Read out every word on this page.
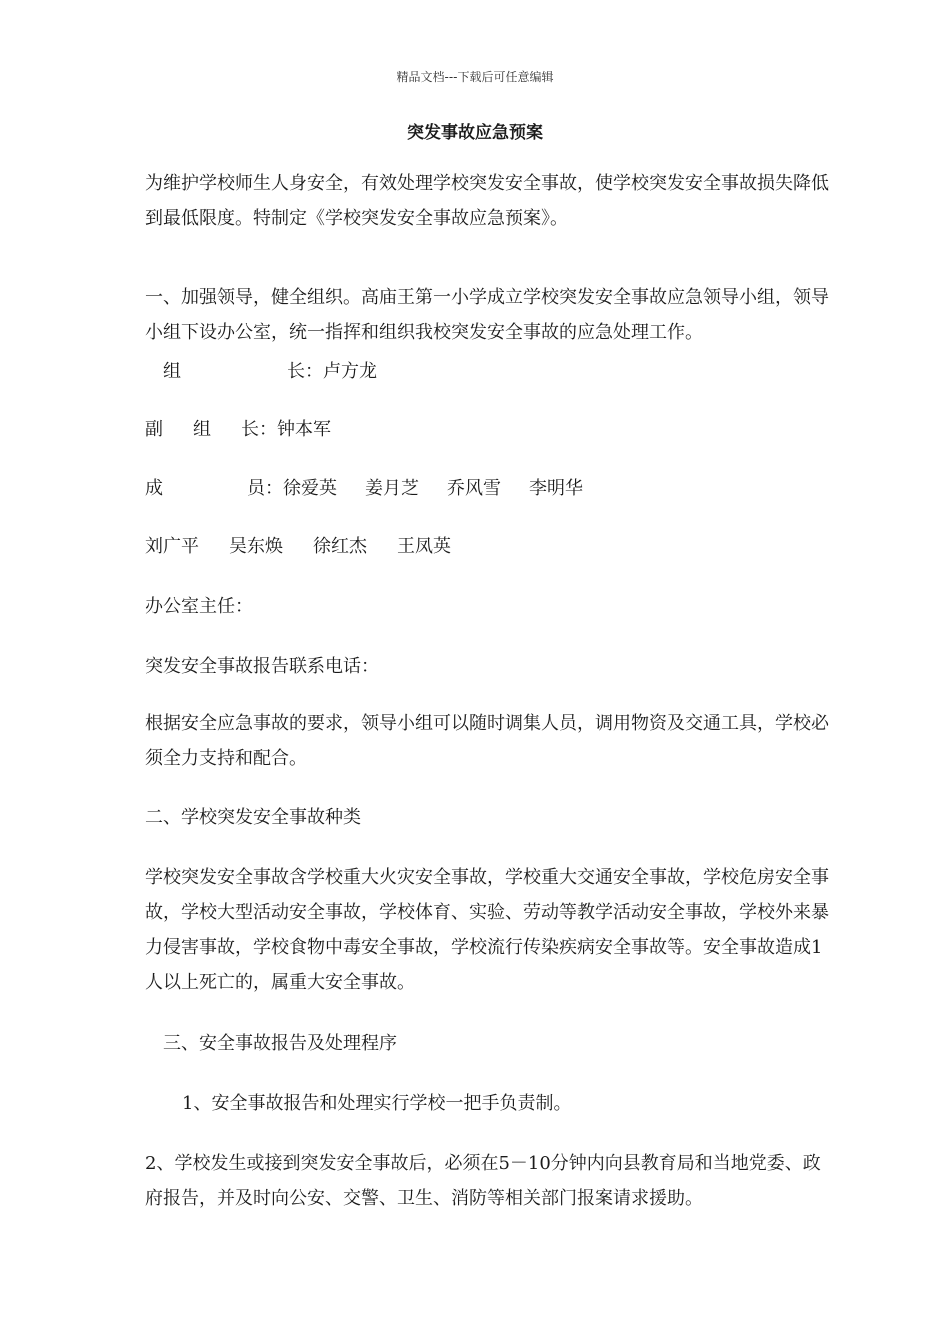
精品文档---下载后可任意编辑
突发事故应急预案

为维护学校师生人身安全，有效处理学校突发安全事故，使学校突发安全事故损失降低到最低限度。特制定《学校突发安全事故应急预案》。

一、加强领导，健全组织。高庙王第一小学成立学校突发安全事故应急领导小组，领导小组下设办公室，统一指挥和组织我校突发安全事故的应急处理工作。

组	长：卢方龙
副 组 长：钟本军
成	员：徐爱英 姜月芝 乔风雪 李明华
刘广平 吴东焕 徐红杰 王凤英
办公室主任：
突发安全事故报告联系电话：

根据安全应急事故的要求，领导小组可以随时调集人员，调用物资及交通工具，学校必须全力支持和配合。

二、学校突发安全事故种类

学校突发安全事故含学校重大火灾安全事故，学校重大交通安全事故，学校危房安全事故，学校大型活动安全事故，学校体育、实验、劳动等教学活动安全事故，学校外来暴力侵害事故，学校食物中毒安全事故，学校流行传染疾病安全事故等。安全事故造成1人以上死亡的，属重大安全事故。

三、安全事故报告及处理程序
1、安全事故报告和处理实行学校一把手负责制。

2、学校发生或接到突发安全事故后，必须在5－10分钟内向县教育局和当地党委、政府报告，并及时向公安、交警、卫生、消防等相关部门报案请求援助。
